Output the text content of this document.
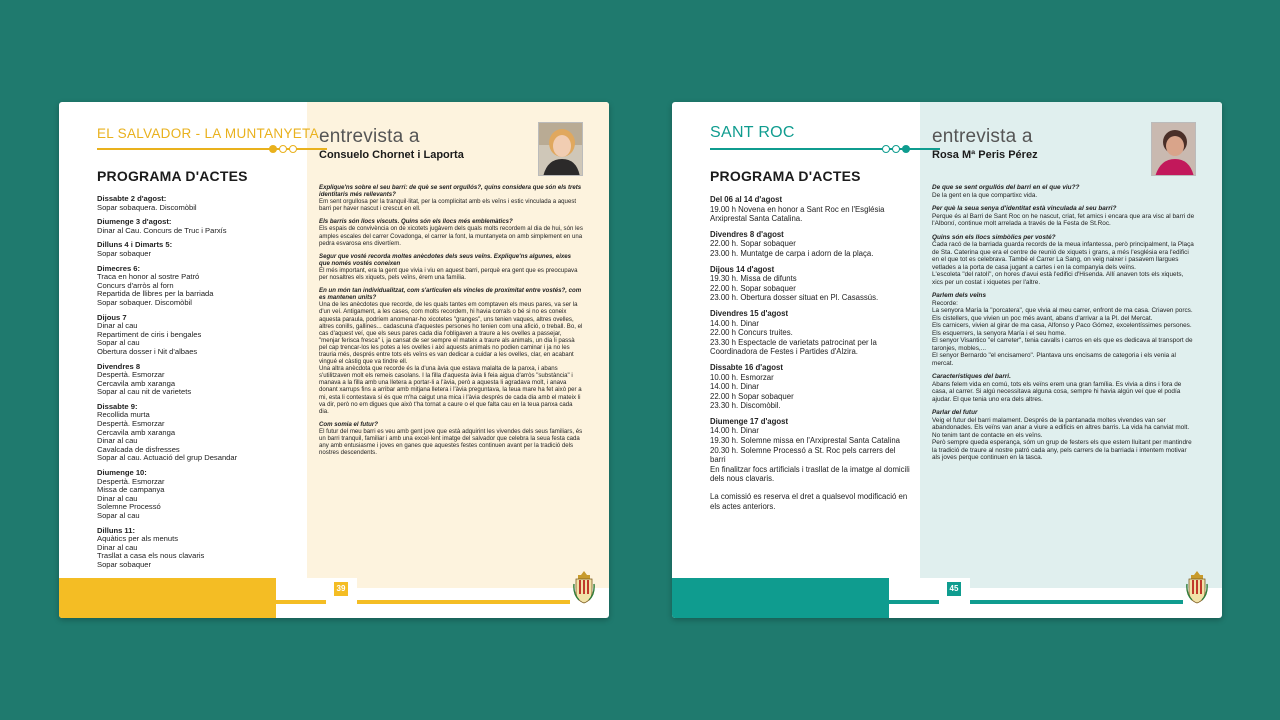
EL SALVADOR - LA MUNTANYETA
PROGRAMA D'ACTES
Dissabte 2 d'agost:
Sopar sobaquera. Discomòbil
Diumenge 3 d'agost:
Dinar al Cau. Concurs de Truc i Parxís
Dilluns 4 i Dimarts 5:
Sopar sobaquer
Dimecres 6:
Traca en honor al sostre Patró
Concurs d'arròs al forn
Repartida de llibres per la barriada
Sopar sobaquer. Discomòbil
Dijous 7
Dinar al cau
Repartiment de ciris i bengales
Sopar al cau
Obertura dosser i Nit d'albaes
Divendres 8
Despertà. Esmorzar
Cercavila amb xaranga
Sopar al cau nit de varietets
Dissabte 9:
Recollida murta
Despertà. Esmorzar
Cercavila amb xaranga
Dinar al cau
Cavalcada de disfresses
Sopar al cau. Actuació del grup Desandar
Diumenge 10:
Despertà. Esmorzar
Missa de campanya
Dinar al cau
Solemne Processó
Sopar al cau
Dilluns 11:
Aquàtics per als menuts
Dinar al cau
Trasllat a casa els nous clavaris
Sopar sobaquer
entrevista a
Consuelo Chornet i Laporta
Explique'ns sobre el seu barri: de què se sent orgullós?, quins considera que són els trets identitaris més rellevants?
Em sent orgullosa per la tranquil·litat, per la complicitat amb els veïns i estic vinculada a aquest barri per haver nascut i crescut en ell.
Els barris són llocs viscuts. Quins són els llocs més emblemàtics?
Els espais de convivència on de xicotets jugàvem dels quals molts recordem al dia de hui, són les amples escales del carrer Covadonga, el carrer la font, la muntanyeta on amb simplement en una pedra esvarosa ens divertíem.
Segur que vosté recorda moltes anècdotes dels seus veïns. Explique'ns algunes, eixes que només vostés coneixen
El més important, era la gent que vivia i viu en aquest barri, perquè era gent que es preocupava per nosaltres els xiquets, pels veïns, érem una família.
En un món tan individualitzat, com s'articulen els vincles de proximitat entre vostés?, com es mantenen units?
Una de les anècdotes que recorde, de les quals tantes em comptaven els meus pares, va ser la d'un veí. Antigament, a les cases, com molts recordem, hi havia corrals o bé si no es coneix aquesta paraula, podríem anomenar-ho xicotetes "granges", uns tenien vaques, altres ovelles, altres conills, gallines... cadascuna d'aquestes persones ho tenien com una afició, o treball. Bo, el cas d'aquest veí, que els seus pares cada dia l'obligaven a traure a les ovelles a passejar, "menjar ferisca fresca" i, ja cansat de ser sempre el mateix a traure als animals, un dia li passà pel cap trencar-los les potes a les ovelles i així aquests animals no podien caminar i ja no les trauria més, després entre tots els veïns es van dedicar a cuidar a les ovelles, clar, en acabant vingué el càstig que va tindre ell.
Una altra anècdota que recorde és la d'una àvia que estava malalta de la panxa, i abans s'utilitzaven molt els remeis casolans. I la filla d'aquesta àvia li feia aigua d'arròs "substància" i manava a la filla amb una lletera a portar-li a l'àvia, però a aquesta li agradava molt, i anava donant xarrups fins a arribar amb mitjana lletera i l'àvia preguntava, la teua mare ha fet això per a mi, esta li contestava sí és que m'ha caigut una mica i l'àvia després de cada dia amb el mateix li va dir, però no em digues que això t'ha tornat a caure o el que falta cau en la teua panxa cada dia.
Com somia el futur?
El futur del meu barri es veu amb gent jove que està adquirint les vivendes dels seus familiars, és un barri tranquil, familiar i amb una excel·lent imatge del salvador que celebra la seua festa cada any amb entusiasme i joves en ganes que aquestes festes continuen avant per la tradició dels nostres descendents.
39
SANT ROC
PROGRAMA D'ACTES
Del 06 al 14 d'agost
19.00 h Novena en honor a Sant Roc en l'Església Arxiprestal Santa Catalina.
Divendres 8 d'agost
22.00 h. Sopar sobaquer
23.00 h. Muntatge de carpa i adorn de la plaça.
Dijous 14 d'agost
19.30 h. Missa de difunts
22.00 h. Sopar sobaquer
23.00 h. Obertura dosser situat en Pl. Casassús.
Divendres 15 d'agost
14.00 h. Dinar
22.00 h Concurs truites.
23.30 h Espectacle de varietats patrocinat per la Coordinadora de Festes i Partides d'Alzira.
Dissabte 16 d'agost
10.00 h. Esmorzar
14.00 h. Dinar
22.00 h Sopar sobaquer
23.30 h. Discomòbil.
Diumenge 17 d'agost
14.00 h. Dinar
19.30 h. Solemne missa en l'Arxiprestal Santa Catalina
20.30 h. Solemne Processó a St. Roc pels carrers del barri
En finalitzar focs artificials i trasllat de la imatge al domicili dels nous clavaris.
La comissió es reserva el dret a qualsevol modificació en els actes anteriors.
entrevista a
Rosa Mª Peris Pérez
De que se sent orgullós del barri en el que viu??
De la gent en la que compartixc vida.
Per què la seua senya d'identitat està vinculada al seu barri?
Perque és al Barri de Sant Roc on he nascut, criat, fet amics i encara que ara visc al barri de l'Alborxí, continue molt arrelada a través de la Festa de St.Roc.
Quins són els llocs simbòlics per vosté?
Cada racó de la barriada guarda records de la meua infantessa, però principalment, la Plaça de Sta. Caterina que era el centre de reunió de xiquets i grans, a més l'església era l'edifici en el que tot es celebrava. També el Carrer La Sang, on veig naixer i pasavem llargues vetlades a la porta de casa jugant a cartes i en la companyia dels veïns.
L'escoleta "del ratolí", on hores d'avui està l'edifici d'Hisenda. Allí anaven tots els xiquets, xics per un costat i xiquetes per l'altre.
Parlem dels veïns
Recorde:
La senyora María la "porcatera", que vivia al meu carrer, enfront de ma casa. Criaven porcs.
Els cistellers, que vivien un poc més avant, abans d'arrivar a la Pl. del Mercat.
Els carnicers, vivien al girar de ma casa, Alfonso y Paco Gómez, excelentíssimes persones.
Els esquerrers, la senyora María i el seu home.
El senyor Visantico "el carreter", tenia cavalls i carros en els que es dedicava al transport de taronjes, mobles,...
El senyor Bernardo "el encisamero". Plantava uns encisams de categoria i els venia al mercat.
Característiques del barri.
Abans felem vida en comú, tots els veïns erem una gran família. Es vivia a dins i fora de casa, al carrer. Si algú necessitava alguna cosa, sempre hi havia algún veí que el podía ajudar. El que tenia uno era dels altres.
Parlar del futur
Veig el futur del barri malament. Després de la pantanada moltes vivendes van ser abandonades. Els veïns van anar a viure a edificis en altres barris. La vida ha canviat molt. No tenim tant de contacte en els veïns.
Però sempre queda esperança, sóm un grup de festers els que estem lluitant per mantindre la tradició de traure al nostre patró cada any, pels carrers de la barriada i intentem motivar als joves perque continuen en la tasca.
45
